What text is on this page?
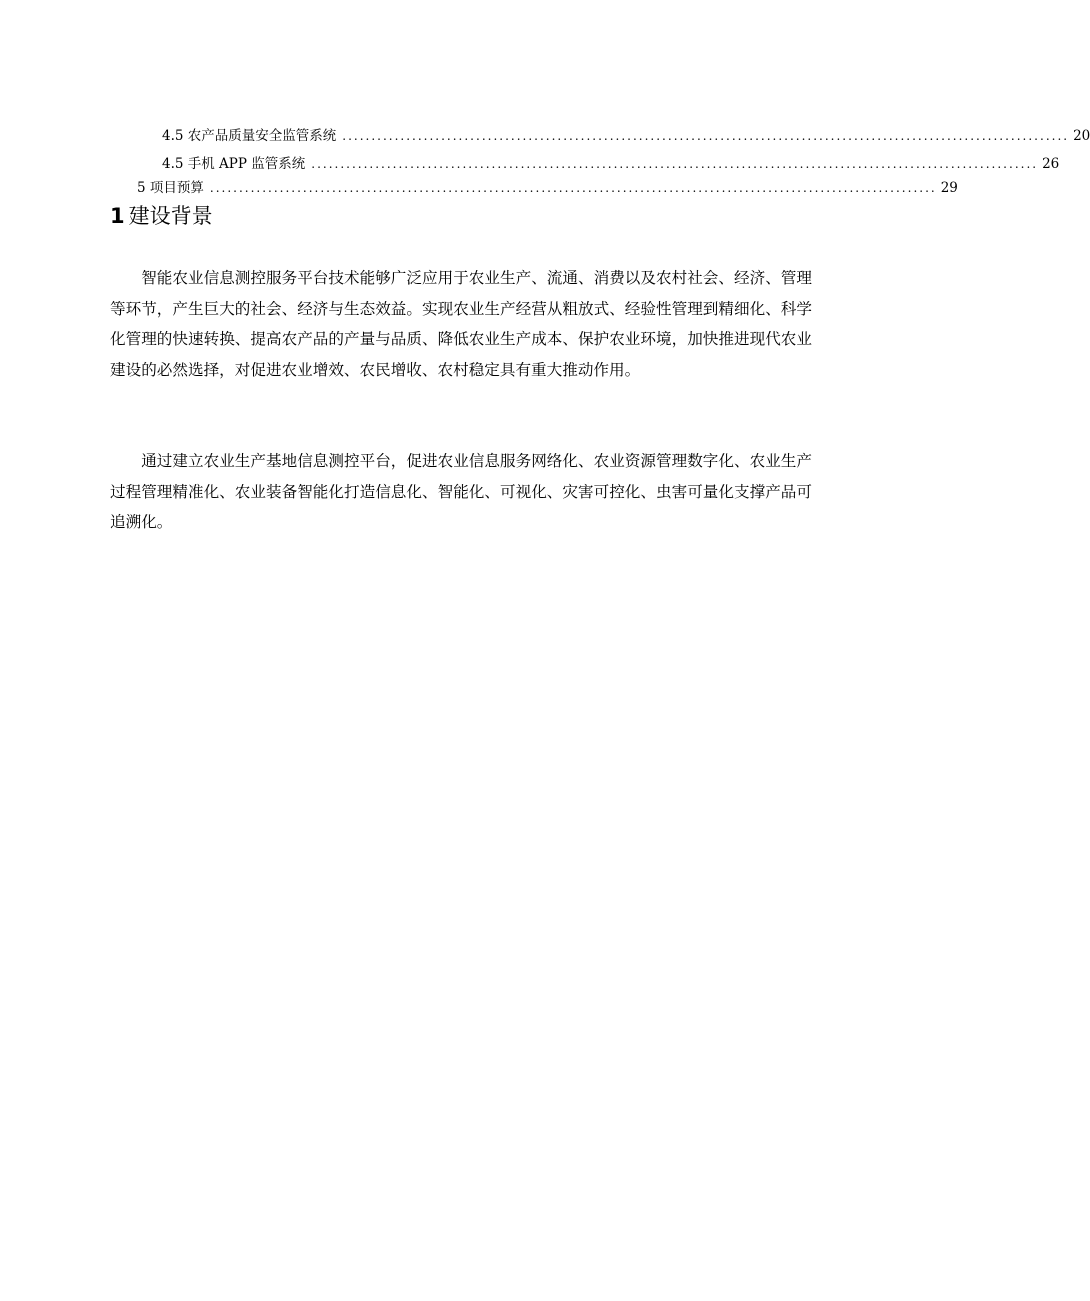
4.5 农产品质量安全监管系统 ............................................................................................................................. 20
4.5 手机 APP 监管系统 ............................................................................................................................. 26
5 项目预算 ............................................................................................................................. 29
1 建设背景

智能农业信息测控服务平台技术能够广泛应用于农业生产、流通、消费以及农村社会、经济、管理等环节，产生巨大的社会、经济与生态效益。实现农业生产经营从粗放式、经验性管理到精细化、科学化管理的快速转换、提高农产品的产量与品质、降低农业生产成本、保护农业环境，加快推进现代农业建设的必然选择，对促进农业增效、农民增收、农村稳定具有重大推动作用。

通过建立农业生产基地信息测控平台，促进农业信息服务网络化、农业资源管理数字化、农业生产过程管理精准化、农业装备智能化打造信息化、智能化、可视化、灾害可控化、虫害可量化支撑产品可追溯化。
